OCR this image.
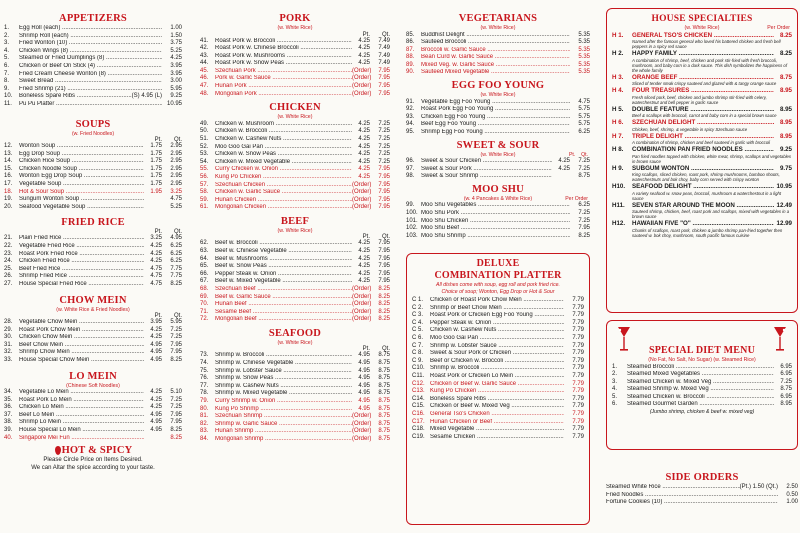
APPETIZERS
1.	Egg Roll (each) .....	1.00
2.	Shrimp Roll (each) .....	1.50
3.	Fried Wonton (10) .....	3.75
4.	Chicken Wings (8) .....	5.25
5.	Steamed or Fried Dumplings (8) .....	4.25
6.	Chicken or Beef On Stick (4) .....	3.95
7.	Fried Cream Cheese Wonton (8) .....	3.95
8.	Sweet Bread .....	3.00
9.	Fried Shrimp (21) .....	5.95
10.	Boneless Spare Ribs .....	(S) 4.95 (L)	9.25
11.	Pu Pu Platter .....	10.95
SOUPS
(w. Fried Noodles)
Pt.	Qt.
12.	Wonton Soup .....	1.75	2.95
13.	Egg Drop Soup .....	1.75	2.95
14.	Chicken Rice Soup .....	1.75	2.95
15.	Chicken Noodle Soup .....	1.75	2.95
16.	Wonton Egg Drop Soup .....	1.75	2.95
17.	Vegetable Soup .....	1.75	2.95
18.	Hot & Sour Soup .....	1.95	3.25
19.	Sungum Wonton Soup .....	4.75
20.	Seafood Vegetable Soup .....	5.25
FRIED RICE
Pt.	Qt.
21.	Plain Fried Rice .....	3.25	4.95
22.	Vegetable Fried Rice .....	4.25	6.25
23.	Roast Pork Fried Rice .....	4.25	6.25
24.	Chicken Fried Rice .....	4.25	6.25
25.	Beef Fried Rice .....	4.75	7.75
26.	Shrimp Fried Rice .....	4.75	7.75
27.	House Special Fried Rice .....	4.75	8.25
CHOW MEIN
(w. White Rice & Fried Noodles)
Pt.	Qt.
28.	Vegetable Chow Mein .....	3.95	5.95
29.	Roast Pork Chow Mein .....	4.25	7.25
30.	Chicken Chow Mein .....	4.25	7.25
31.	Beef Chow Mein .....	4.95	7.95
32.	Shrimp Chow Mein .....	4.95	7.95
33.	House Special Chow Mein .....	4.95	8.25
LO MEIN
(Chinese Soft Noodles)
34.	Vegetable Lo Mein .....	4.25	5.10
35.	Roast Pork Lo Mein .....	4.25	7.25
36.	Chicken Lo Mein .....	4.25	7.25
37.	Beef Lo Mein .....	4.95	7.95
38.	Shrimp Lo Mein .....	4.95	7.95
39.	House Special Lo Mein .....	4.95	8.25
40.	Singapore Mei Fun .....	8.25
HOT & SPICY
Please Circle Price on Items Desired.
We can Altar the spice according to your taste.
PORK
(w. White Rice)
Pt.	Qt.
41.	Roast Pork w. Broccoli .....	4.25	7.49
42.	Roast Pork w. Chinese Broccoli .....	4.25	7.49
43.	Roast Pork w. Mushrooms .....	4.25	7.49
44.	Roast Pork w. Snow Peas .....	4.25	7.49
45.	Szechuan Pork .....	(Order)	7.95
46.	Pork w. Garlic Sauce .....	(Order)	7.95
47.	Hunan Pork .....	(Order)	7.95
48.	Mongolian Pork .....	(Order)	7.95
CHICKEN
(w. White Rice)
49.	Chicken w. Mushroom .....	4.25	7.25
50.	Chicken w. Broccoli .....	4.25	7.25
51.	Chicken w. Cashew Nuts .....	4.25	7.25
52.	Moo Goo Gai Pan .....	4.25	7.25
53.	Chicken w. Snow Peas .....	4.25	7.25
54.	Chicken w. Mixed Vegetable .....	4.25	7.25
55.	Curry Chicken w. Onion .....	4.25	7.95
56.	Kung Po Chicken .....	4.25	7.95
57.	Szechuan Chicken .....	(Order)	7.95
58.	Chicken w. Garlic Sauce .....	(Order)	7.95
59.	Hunan Chicken .....	(Order)	7.95
61.	Mongolian Chicken .....	(Order)	7.95
BEEF
(w. White Rice)
Pt.	Qt.
62.	Beef w. Broccoli .....	4.25	7.95
63.	Beef w. Chinese Vegetable .....	4.25	7.95
64.	Beef w. Mushrooms .....	4.25	7.95
65.	Beef w. Snow Peas .....	4.25	7.95
66.	Pepper Steak w. Onion .....	4.25	7.95
67.	Beef w. Mixed Vegetable .....	4.25	7.95
68.	Szechuan Beef .....	(Order)	8.25
69.	Beef w. Garlic Sauce .....	(Order)	8.25
70.	Hunan Beef .....	(Order)	8.25
71.	Sesame Beef .....	(Order)	8.25
72.	Mongolian Beef .....	(Order)	8.25
SEAFOOD
(w. White Rice)
Pt.	Qt.
73.	Shrimp w. Broccoli .....	4.95	8.75
74.	Shrimp w. Chinese Vegetable .....	4.95	8.75
75.	Shrimp w. Lobster Sauce .....	4.95	8.75
76.	Shrimp w. Snow Peas .....	4.95	8.75
77.	Shrimp w. Cashew Nuts .....	4.95	8.75
78.	Shrimp w. Mixed Vegetable .....	4.95	8.75
79.	Curry Shrimp w. Onion .....	4.95	8.75
80.	Kung Po Shrimp .....	4.95	8.75
81.	Szechuan Shrimp .....	(Order)	8.75
82.	Shrimp w. Garlic Sauce .....	(Order)	8.75
83.	Hunan Shrimp .....	(Order)	8.75
84.	Mongolian Shrimp .....	(Order)	8.75
VEGETARIANS
(w. White Rice)
85.	Buddhist Delight .....	5.35
86.	Sauteed Broccoli .....	5.35
87.	Broccoli w. Garlic Sauce .....	5.35
88.	Bean Curd w. Garlic Sauce .....	5.35
89.	Mixed Veg. w. Garlic Sauce .....	5.35
90.	Sauteed Mixed Vegetable .....	5.35
EGG FOO YOUNG
(w. White Rice)
91.	Vegetable Egg Foo Young .....	4.75
92.	Roast Pork Egg Foo Young .....	5.75
93.	Chicken Egg Foo Young .....	5.75
94.	Beef Egg Foo Young .....	5.75
95.	Shrimp Egg Foo Young .....	6.25
SWEET & SOUR
(w. White Rice)	Pt. Qt.
96.	Sweet & Sour Chicken .....	4.25	7.25
97.	Sweet & Sour Pork .....	4.25	7.25
98.	Sweet & Sour Shrimp .....	8.75
MOO SHU
(w. 4 Pancakes & White Rice)	Per Order
99.	Moo Shu Vegetables .....	6.25
100. Moo Shu Pork .....	7.25
101. Moo Shu Chicken .....	7.25
102. Moo Shu Beef .....	7.95
103. Moo Shu Shrimp .....	8.25
DELUXE
COMBINATION PLATTER
All dishes come with soup, egg roll and pork fried rice.
Choice of soup; Wonton, Egg Drop or Hot & Sour
C 1.	Chicken or Roast Pork Chow Mein .....	7.79
C 2.	Shrimp or Beef Chow Mein .....	7.79
C 3.	Roast Pork or Chicken Egg Foo Young .....	7.79
C 4.	Pepper Steak w. Onion .....	7.79
C 5.	Chicken w. Cashew Nuts .....	7.79
C 6.	Moo Goo Gai Pan .....	7.79
C 7.	Shrimp w. Lobster Sauce .....	7.79
C 8.	Sweet & Sour Pork or Chicken .....	7.79
C 9.	Beef or Chicken w. Broccoli .....	7.79
C10. Shrimp w. Broccoli .....	7.79
C11. Roast Pork or Chicken Lo Mein .....	7.79
C12. Chicken or Beef w. Garlic Sauce .....	7.79
C13. Kung Po Chicken .....	7.79
C14. Boneless Spare Ribs .....	7.79
C15. Chicken or Beef w. Mixed Veg .....	7.79
C16. General Tso's Chicken .....	7.79
C17. Hunan Chicken or Beef .....	7.79
C18. Mixed Vegetable .....	7.79
C19. Sesame Chicken .....	7.79
HOUSE SPECIALTIES
(w. White Rice)	Per Order
H 1.	GENERAL TSO'S CHICKEN .....	8.25
Named after the famous general who loved his battered chicken and fresh bell peppers in a spicy red sauce
H 2.	HAPPY FAMILY .....	8.25
A combination of shrimp, beef, chicken and pork stir-fried with fresh broccoli, mushroom, and baby corn in a dark sauce. This dish symbolizes the happiness of the whole family
H 3.	ORANGE BEEF .....	8.75
Sliced of tender steak crispy sauteed and glazed with & tangy orange sauce
H 4.	FOUR TREASURES .....	8.95
Fresh sliced pork, beef, chicken and jumbo shrimp stir-fried with celery, waterchestnut and bell pepper in garlic sauce
H 5.	DOUBLE FEATURE .....	8.95
Beef & scallops with broccoli, carrot and baby corn in a special brown sauce
H 6.	SZECHUAN DELIGHT .....	8.95
Chicken, beef, shrimp, & vegetable in spicy Szechuan sauce
H 7.	TRIPLE DELIGHT .....	8.95
A combination of shrimp, chicken and beef sauteed in garlic with broccoli
H 8.	COMBINATION PAN FRIED NOODLES .....	9.25
Pan fried noodles topped with chicken, white meat, shrimp, scallops and vegetables in brown sauce
H 9.	SUBGUM WONTON .....	9.75
King scallops, sliced chicken, roast pork, shrimp mushrooms, bamboo shoots, waterchestnuts and bok choy, baby corn served with crispy wonton
H10.	SEAFOOD DELIGHT .....	10.95
A variety seafood w. snow peas, broccoli, mushroom & waterchestnut in a light sauce
H11.	SEVEN STAR AROUND THE MOON .....	12.49
Sauteed shrimp, chicken, beef, roast pork and scallops, mixed with vegetables in a brown sauce
H12.	HAWAIIAN FIVE "O" .....	12.99
Chunks of scallops, roast pork, chicken & jumbo shrimp pan-fried together then sauteed w. bok choy, mushroom, south pacific famous cuisine
SPECIAL DIET MENU
(No Fat, No Salt, No Sugar) (w. Steamed Rice)
1.	Steamed Broccoli .....	6.95
2.	Steamed Mixed Vegetables .....	6.95
3.	Steamed Chicken w. Mixed Veg .....	7.25
4.	Steamed Shrimp w. Mixed Veg .....	8.75
5.	Steamed Chicken w. Broccoli .....	6.95
6.	Steamed Gourmet Garden .....	8.95
(Jumbo shrimp, chicken & beef w. mixed veg)
SIDE ORDERS
Steamed White Rice .....	(Pt.) 1.50 (Qt.)	2.50
Fried Noodles .....	0.50
Fortune Cookies (10) .....	1.00
